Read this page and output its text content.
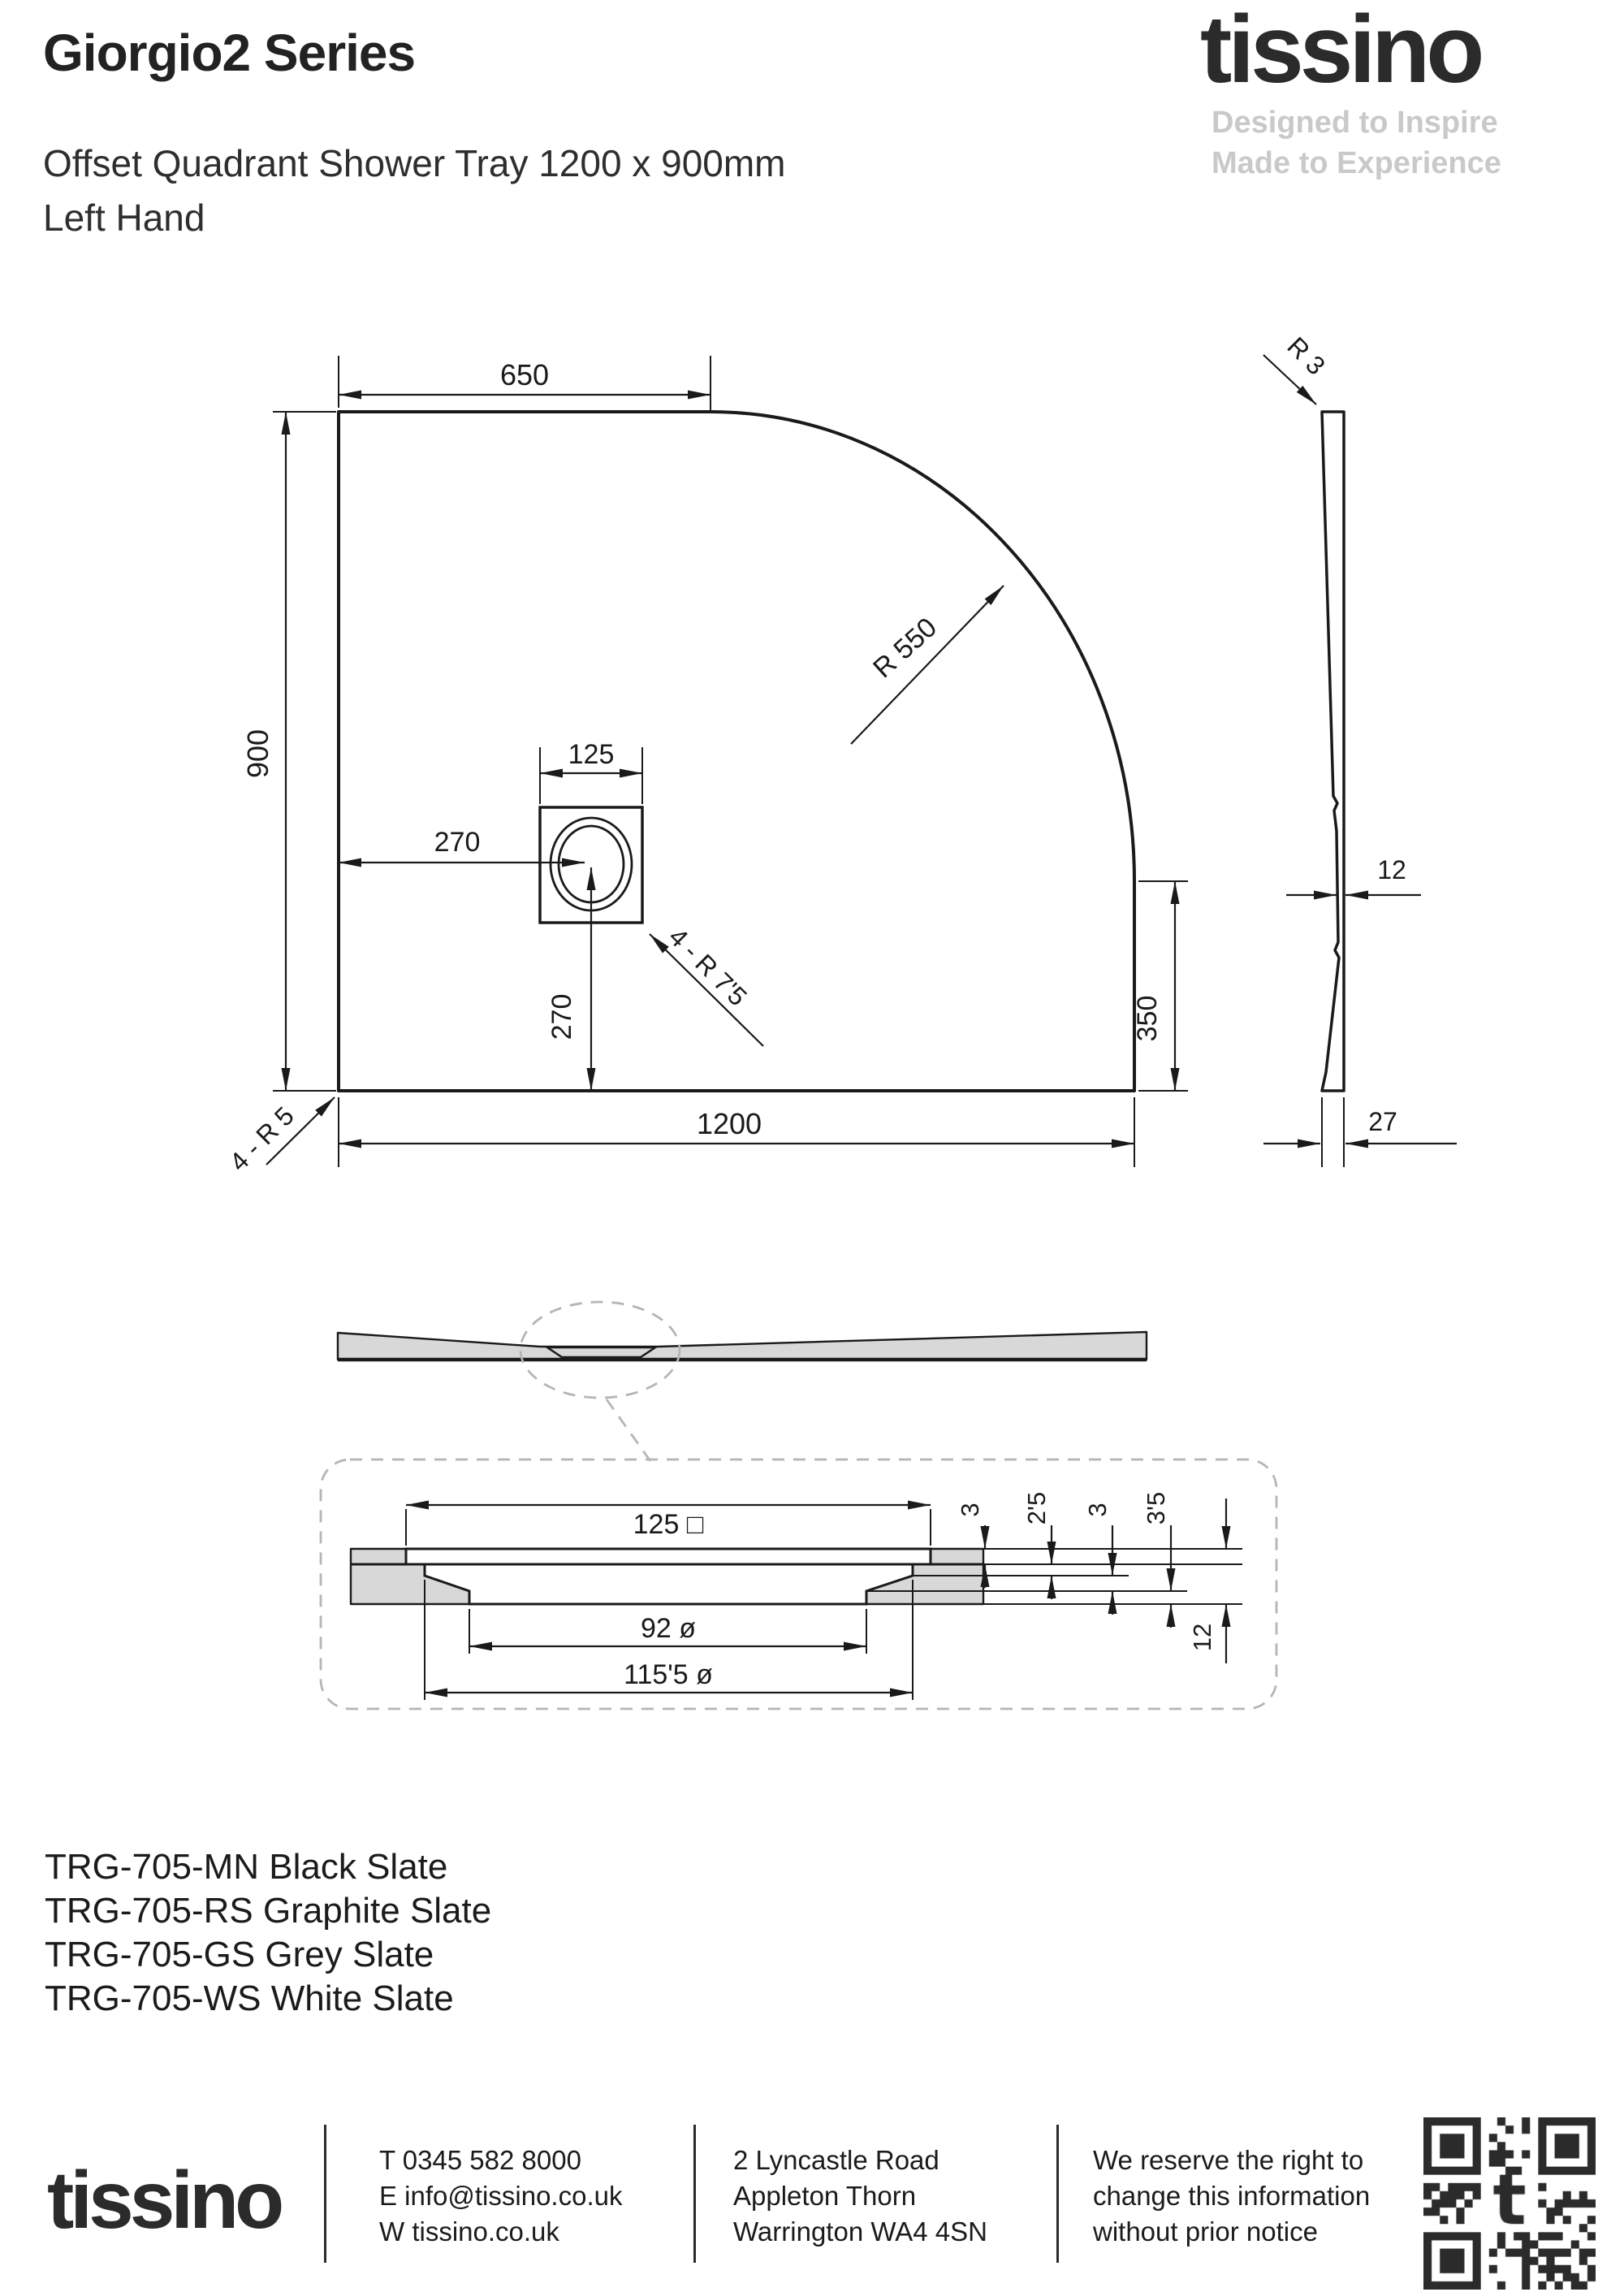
Giorgio2 Series
Offset Quadrant Shower Tray 1200 x 900mm
Left Hand
tissino
Designed to Inspire
Made to Experience
650
900	125
270
270
1200
350
R 550
4 - R 7'5
4 - R 5
R 3
12
27
125 □
92 ø
115'5 ø
3 2'5 3 3'5
12
TRG-705-MN Black Slate
TRG-705-RS Graphite Slate
TRG-705-GS Grey Slate
TRG-705-WS White Slate
tissino	T 0345 582 8000
E info@tissino.co.uk
W tissino.co.uk
2 Lyncastle Road
Appleton Thorn
Warrington WA4 4SN
We reserve the right to
change this information
without prior notice
